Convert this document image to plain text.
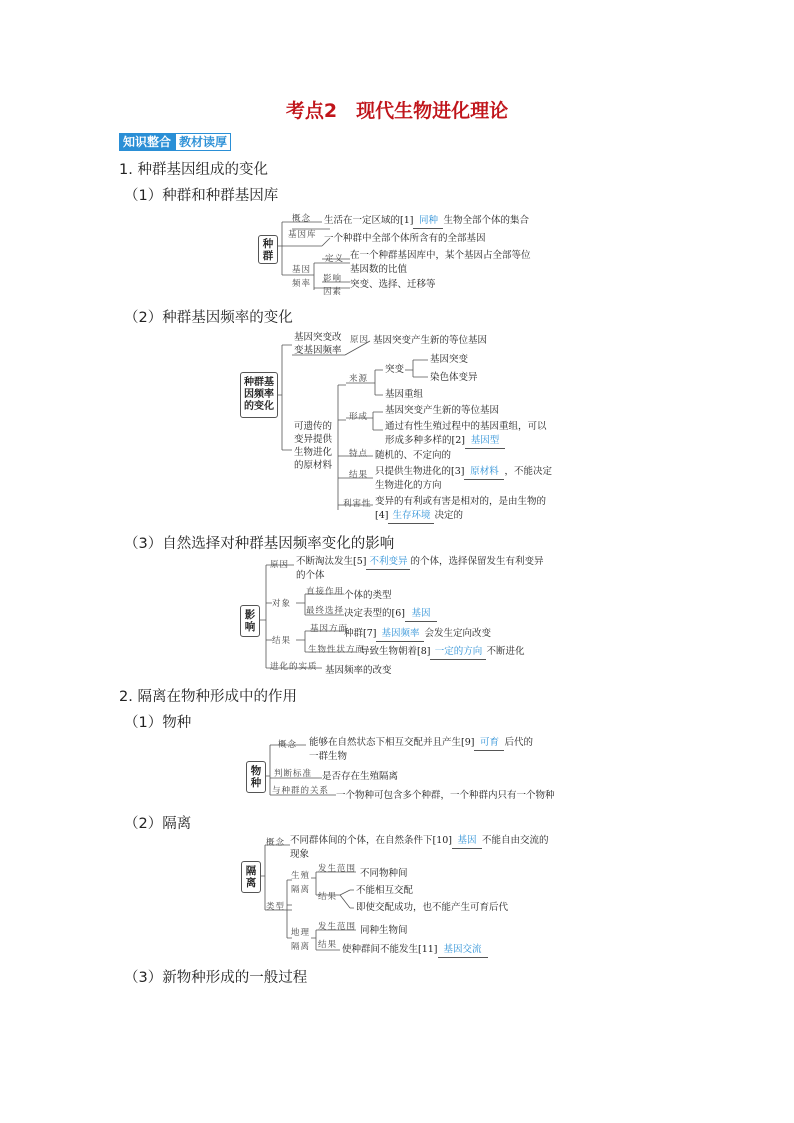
考点2　现代生物进化理论
知识整合 教材读厚
1. 种群基因组成的变化
（1）种群和种群基因库
（2）种群基因频率的变化
（3）自然选择对种群基因频率变化的影响
2. 隔离在物种形成中的作用
（1）物种
（2）隔离
（3）新物种形成的一般过程
种群
概念 生活在一定区域的[1] 同种 生物全部个体的集合
基因库 一个种群中全部个体所含有的全部基因
基因频率
定义 在一个种群基因库中，某个基因占全部等位
基因数的比值
影响因素
突变、选择、迁移等
种群基因频率的变化
基因突变改变基因频率
原因 基因突变产生新的等位基因
可遗传的变异提供生物进化的原材料
来源
突变
基因突变
染色体变异
基因重组
形成
基因突变产生新的等位基因
通过有性生殖过程中的基因重组，可以
形成多种多样的[2] 基因型
特点 随机的、不定向的
结果 只提供生物进化的[3] 原材料 ，不能决定
生物进化的方向
利害性 变异的有利或有害是相对的，是由生物的
[4] 生存环境 决定的
影响
原因 不断淘汰发生[5] 不利变异 的个体，选择保留发生有利变异
的个体
对象
直接作用 个体的类型
最终选择 决定表型的[6] 基因
结果
基因方面
种群[7] 基因频率 会发生定向改变
生物性状方面
导致生物朝着[8] 一定的方向 不断进化
进化的实质 基因频率的改变
物种
概念 能够在自然状态下相互交配并且产生[9] 可育 后代的
一群生物
判断标准 是否存在生殖隔离
与种群的关系 一个物种可包含多个种群，一个种群内只有一个物种
隔离
概念 不同群体间的个体，在自然条件下[10] 基因 不能自由交流的
现象
类型
生殖隔离
发生范围 不同物种间
结果
不能相互交配
即使交配成功，也不能产生可育后代
地理隔离
发生范围 同种生物间
结果 使种群间不能发生[11] 基因交流
